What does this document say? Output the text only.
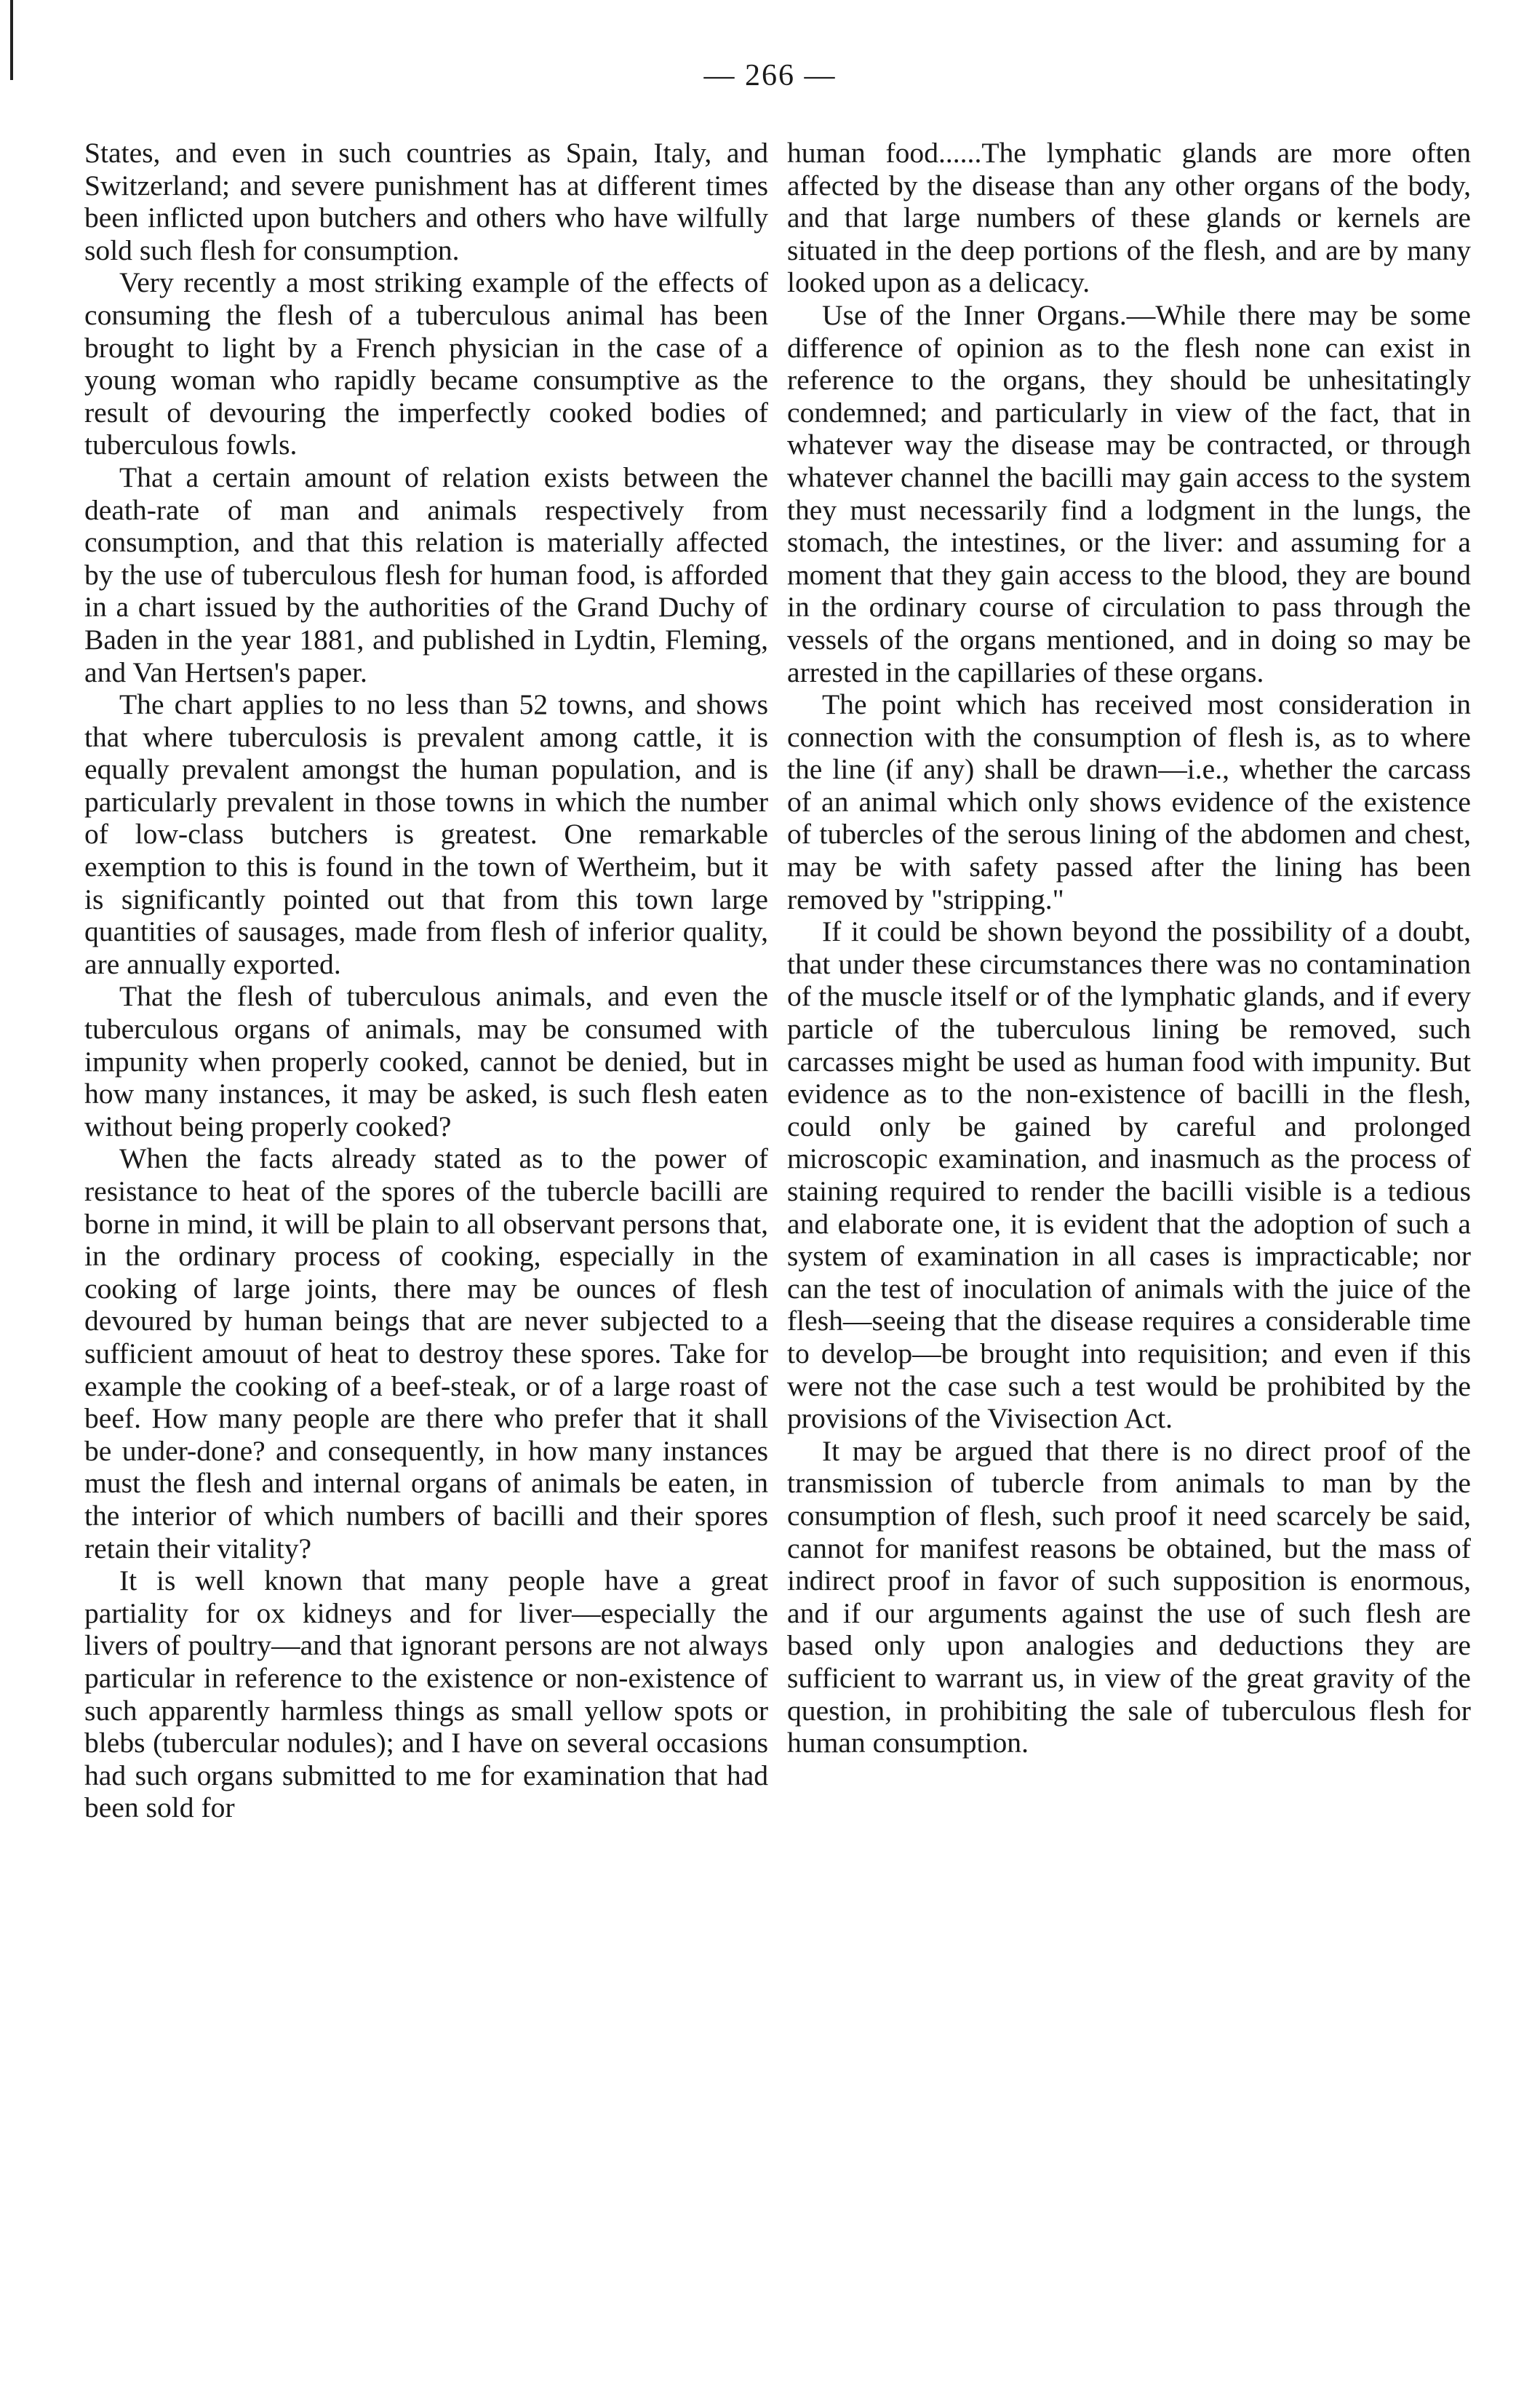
— 266 —

States, and even in such countries as Spain, Italy, and Switzerland; and severe punishment has at different times been inflicted upon butchers and others who have wilfully sold such flesh for consumption.

Very recently a most striking example of the effects of consuming the flesh of a tuberculous animal has been brought to light by a French physician in the case of a young woman who rapidly became consumptive as the result of devouring the imperfectly cooked bodies of tuberculous fowls.

That a certain amount of relation exists between the death-rate of man and animals respectively from consumption, and that this relation is materially affected by the use of tuberculous flesh for human food, is afforded in a chart issued by the authorities of the Grand Duchy of Baden in the year 1881, and published in Lydtin, Fleming, and Van Hertsen's paper.

The chart applies to no less than 52 towns, and shows that where tuberculosis is prevalent among cattle, it is equally prevalent amongst the human population, and is particularly prevalent in those towns in which the number of low-class butchers is greatest. One remarkable exemption to this is found in the town of Wertheim, but it is significantly pointed out that from this town large quantities of sausages, made from flesh of inferior quality, are annually exported.

That the flesh of tuberculous animals, and even the tuberculous organs of animals, may be consumed with impunity when properly cooked, cannot be denied, but in how many instances, it may be asked, is such flesh eaten without being properly cooked?

When the facts already stated as to the power of resistance to heat of the spores of the tubercle bacilli are borne in mind, it will be plain to all observant persons that, in the ordinary process of cooking, especially in the cooking of large joints, there may be ounces of flesh devoured by human beings that are never subjected to a sufficient amouut of heat to destroy these spores. Take for example the cooking of a beef-steak, or of a large roast of beef. How many people are there who prefer that it shall be under-done? and consequently, in how many instances must the flesh and internal organs of animals be eaten, in the interior of which numbers of bacilli and their spores retain their vitality?

It is well known that many people have a great partiality for ox kidneys and for liver—especially the livers of poultry—and that ignorant persons are not always particular in reference to the existence or non-existence of such apparently harmless things as small yellow spots or blebs (tubercular nodules); and I have on several occasions had such organs submitted to me for examination that had been sold for

human food......The lymphatic glands are more often affected by the disease than any other organs of the body, and that large numbers of these glands or kernels are situated in the deep portions of the flesh, and are by many looked upon as a delicacy.

Use of the Inner Organs.—While there may be some difference of opinion as to the flesh none can exist in reference to the organs, they should be unhesitatingly condemned; and particularly in view of the fact, that in whatever way the disease may be contracted, or through whatever channel the bacilli may gain access to the system they must necessarily find a lodgment in the lungs, the stomach, the intestines, or the liver: and assuming for a moment that they gain access to the blood, they are bound in the ordinary course of circulation to pass through the vessels of the organs mentioned, and in doing so may be arrested in the capillaries of these organs.

The point which has received most consideration in connection with the consumption of flesh is, as to where the line (if any) shall be drawn—i.e., whether the carcass of an animal which only shows evidence of the existence of tubercles of the serous lining of the abdomen and chest, may be with safety passed after the lining has been removed by "stripping."

If it could be shown beyond the possibility of a doubt, that under these circumstances there was no contamination of the muscle itself or of the lymphatic glands, and if every particle of the tuberculous lining be removed, such carcasses might be used as human food with impunity. But evidence as to the non-existence of bacilli in the flesh, could only be gained by careful and prolonged microscopic examination, and inasmuch as the process of staining required to render the bacilli visible is a tedious and elaborate one, it is evident that the adoption of such a system of examination in all cases is impracticable; nor can the test of inoculation of animals with the juice of the flesh—seeing that the disease requires a considerable time to develop—be brought into requisition; and even if this were not the case such a test would be prohibited by the provisions of the Vivisection Act.

It may be argued that there is no direct proof of the transmission of tubercle from animals to man by the consumption of flesh, such proof it need scarcely be said, cannot for manifest reasons be obtained, but the mass of indirect proof in favor of such supposition is enormous, and if our arguments against the use of such flesh are based only upon analogies and deductions they are sufficient to warrant us, in view of the great gravity of the question, in prohibiting the sale of tuberculous flesh for human consumption.
